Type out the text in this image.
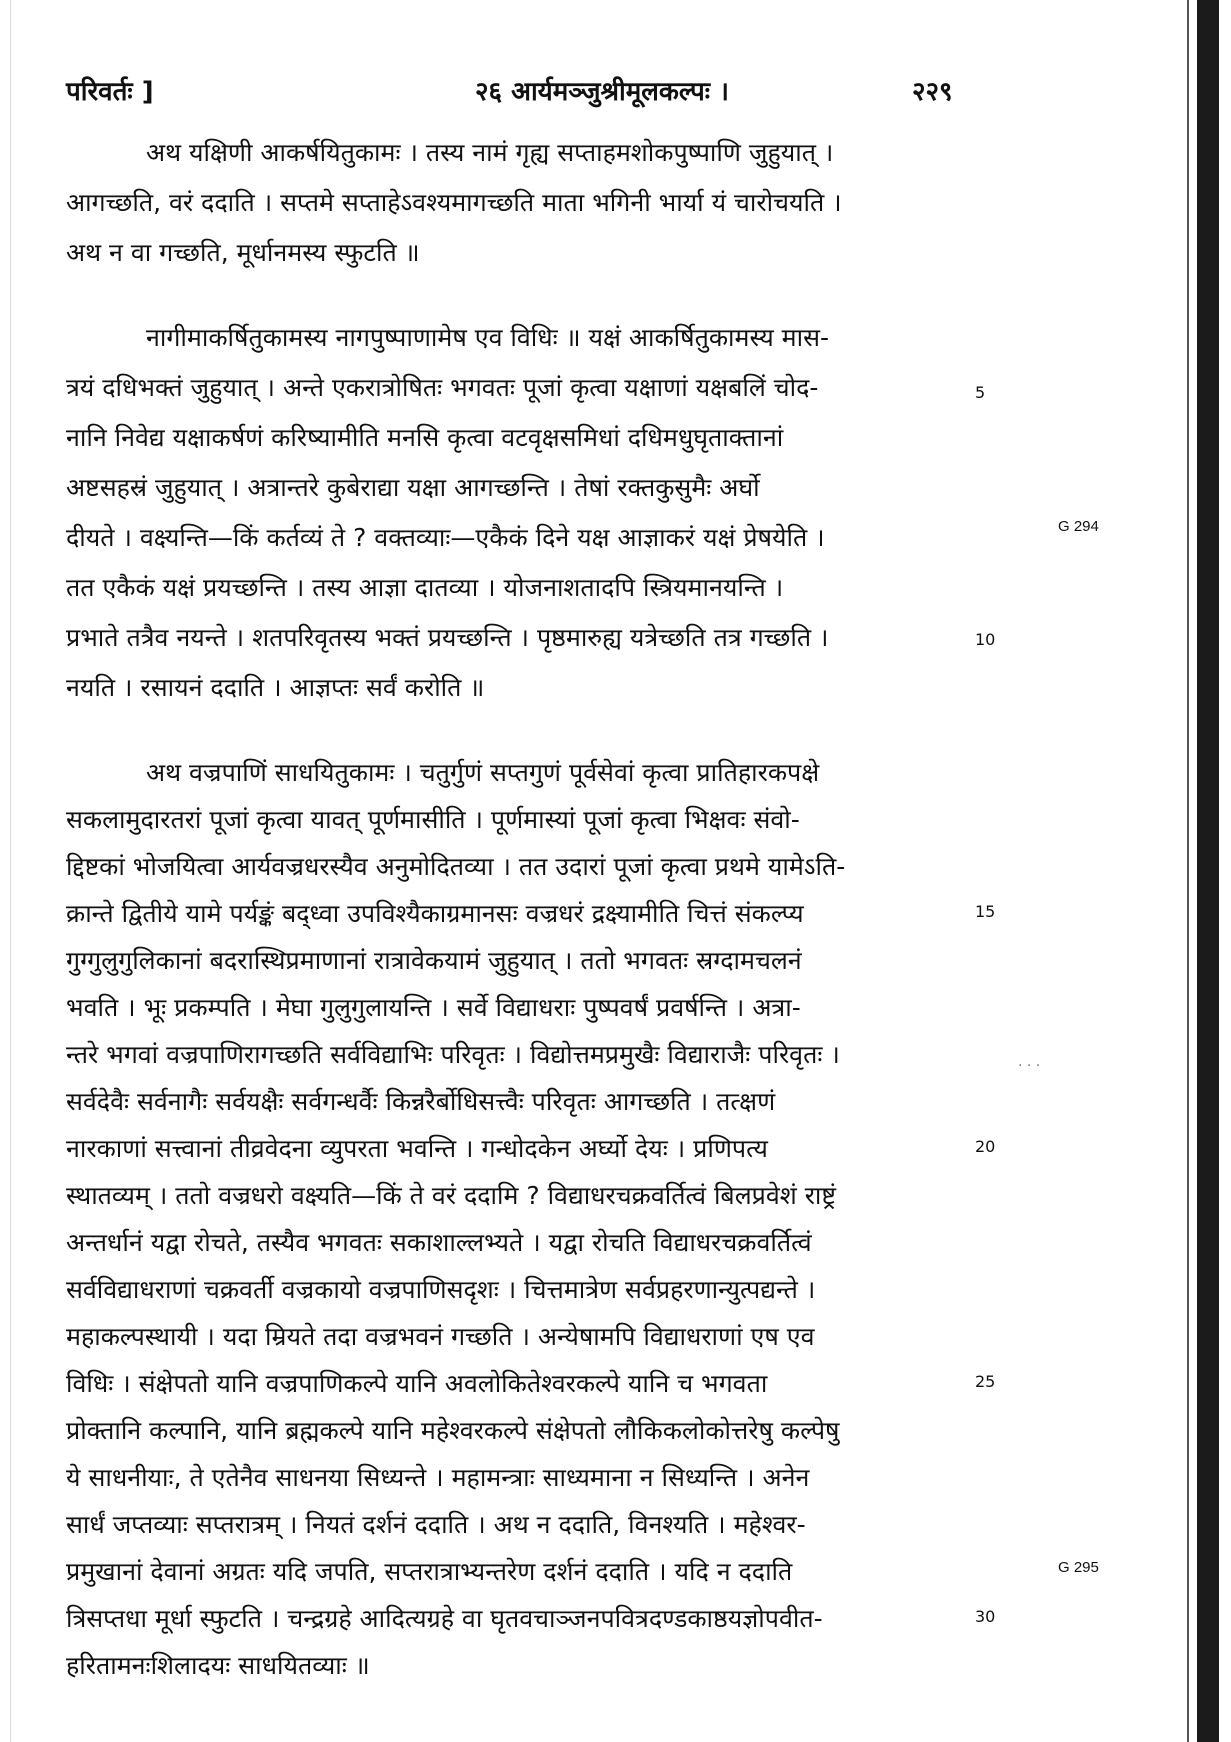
परिवर्तः ]	२६ आर्यमञ्जुश्रीमूलकल्पः ।	२२९
अथ यक्षिणी आकर्षयितुकामः । तस्य नामं गृह्य सप्ताहमशोकपुष्पाणि जुहुयात् ।
आगच्छति, वरं ददाति । सप्तमे सप्ताहेऽवश्यमागच्छति माता भगिनी भार्या यं चारोचयति ।
अथ न वा गच्छति, मूर्धानमस्य स्फुटति ॥
नागीमाकर्षितुकामस्य नागपुष्पाणामेष एव विधिः ॥ यक्षं आकर्षितुकामस्य मास-
त्रयं दधिभक्तं जुहुयात् । अन्ते एकरात्रोषितः भगवतः पूजां कृत्वा यक्षाणां यक्षबलिं चोद-
नानि निवेद्य यक्षाकर्षणं करिष्यामीति मनसि कृत्वा वटवृक्षसमिधां दधिमधुघृताक्तानां
अष्टसहस्रं जुहुयात् । अत्रान्तरे कुबेराद्या यक्षा आगच्छन्ति । तेषां रक्तकुसुमैः अर्घो
दीयते । वक्ष्यन्ति—किं कर्तव्यं ते ? वक्तव्याः—एकैकं दिने यक्ष आज्ञाकरं यक्षं प्रेषयेति ।
तत एकैकं यक्षं प्रयच्छन्ति । तस्य आज्ञा दातव्या । योजनाशतादपि स्त्रियमानयन्ति ।
प्रभाते तत्रैव नयन्ते । शतपरिवृतस्य भक्तं प्रयच्छन्ति । पृष्ठमारुह्य यत्रेच्छति तत्र गच्छति ।
नयति । रसायनं ददाति । आज्ञप्तः सर्वं करोति ॥
अथ वज्रपाणिं साधयितुकामः । चतुर्गुणं सप्तगुणं पूर्वसेवां कृत्वा प्रातिहारकपक्षे
सकलामुदारतरां पूजां कृत्वा यावत् पूर्णमासीति । पूर्णमास्यां पूजां कृत्वा भिक्षवः संवो-
द्दिष्टकां भोजयित्वा आर्यवज्रधरस्यैव अनुमोदितव्या । तत उदारां पूजां कृत्वा प्रथमे यामेऽति-
क्रान्ते द्वितीये यामे पर्यङ्कं बद्ध्वा उपविश्यैकाग्रमानसः वज्रधरं द्रक्ष्यामीति चित्तं संकल्प्य
गुग्गुलुगुलिकानां बदरास्थिप्रमाणानां रात्रावेकयामं जुहुयात् । ततो भगवतः स्रग्दामचलनं
भवति । भूः प्रकम्पति । मेघा गुलुगुलायन्ति । सर्वे विद्याधराः पुष्पवर्षं प्रवर्षन्ति । अत्रा-
न्तरे भगवां वज्रपाणिरागच्छति सर्वविद्याभिः परिवृतः । विद्योत्तमप्रमुखैः विद्याराजैः परिवृतः ।
सर्वदेवैः सर्वनागैः सर्वयक्षैः सर्वगन्धर्वैः किन्नरैर्बोधिसत्त्वैः परिवृतः आगच्छति । तत्क्षणं
नारकाणां सत्त्वानां तीव्रवेदना व्युपरता भवन्ति । गन्धोदकेन अर्घ्यो देयः । प्रणिपत्य
स्थातव्यम् । ततो वज्रधरो वक्ष्यति—किं ते वरं ददामि ? विद्याधरचक्रवर्तित्वं बिलप्रवेशं राष्ट्रं
अन्तर्धानं यद्वा रोचते, तस्यैव भगवतः सकाशाल्लभ्यते । यद्वा रोचति विद्याधरचक्रवर्तित्वं
सर्वविद्याधराणां चक्रवर्ती वज्रकायो वज्रपाणिसदृशः । चित्तमात्रेण सर्वप्रहरणान्युत्पद्यन्ते ।
महाकल्पस्थायी । यदा म्रियते तदा वज्रभवनं गच्छति । अन्येषामपि विद्याधराणां एष एव
विधिः । संक्षेपतो यानि वज्रपाणिकल्पे यानि अवलोकितेश्वरकल्पे यानि च भगवता
प्रोक्तानि कल्पानि, यानि ब्रह्मकल्पे यानि महेश्वरकल्पे संक्षेपतो लौकिकलोकोत्तरेषु कल्पेषु
ये साधनीयाः, ते एतेनैव साधनया सिध्यन्ते । महामन्त्राः साध्यमाना न सिध्यन्ति । अनेन
सार्धं जप्तव्याः सप्तरात्रम् । नियतं दर्शनं ददाति । अथ न ददाति, विनश्यति । महेश्वर-
प्रमुखानां देवानां अग्रतः यदि जपति, सप्तरात्राभ्यन्तरेण दर्शनं ददाति । यदि न ददाति
त्रिसप्तधा मूर्धा स्फुटति । चन्द्रग्रहे आदित्यग्रहे वा घृतवचाञ्जनपवित्रदण्डकाष्ठयज्ञोपवीत-
हरितामनःशिलादयः साधयितव्याः ॥
5
10
15
20
25
30
G 294
G 295
· · ·
